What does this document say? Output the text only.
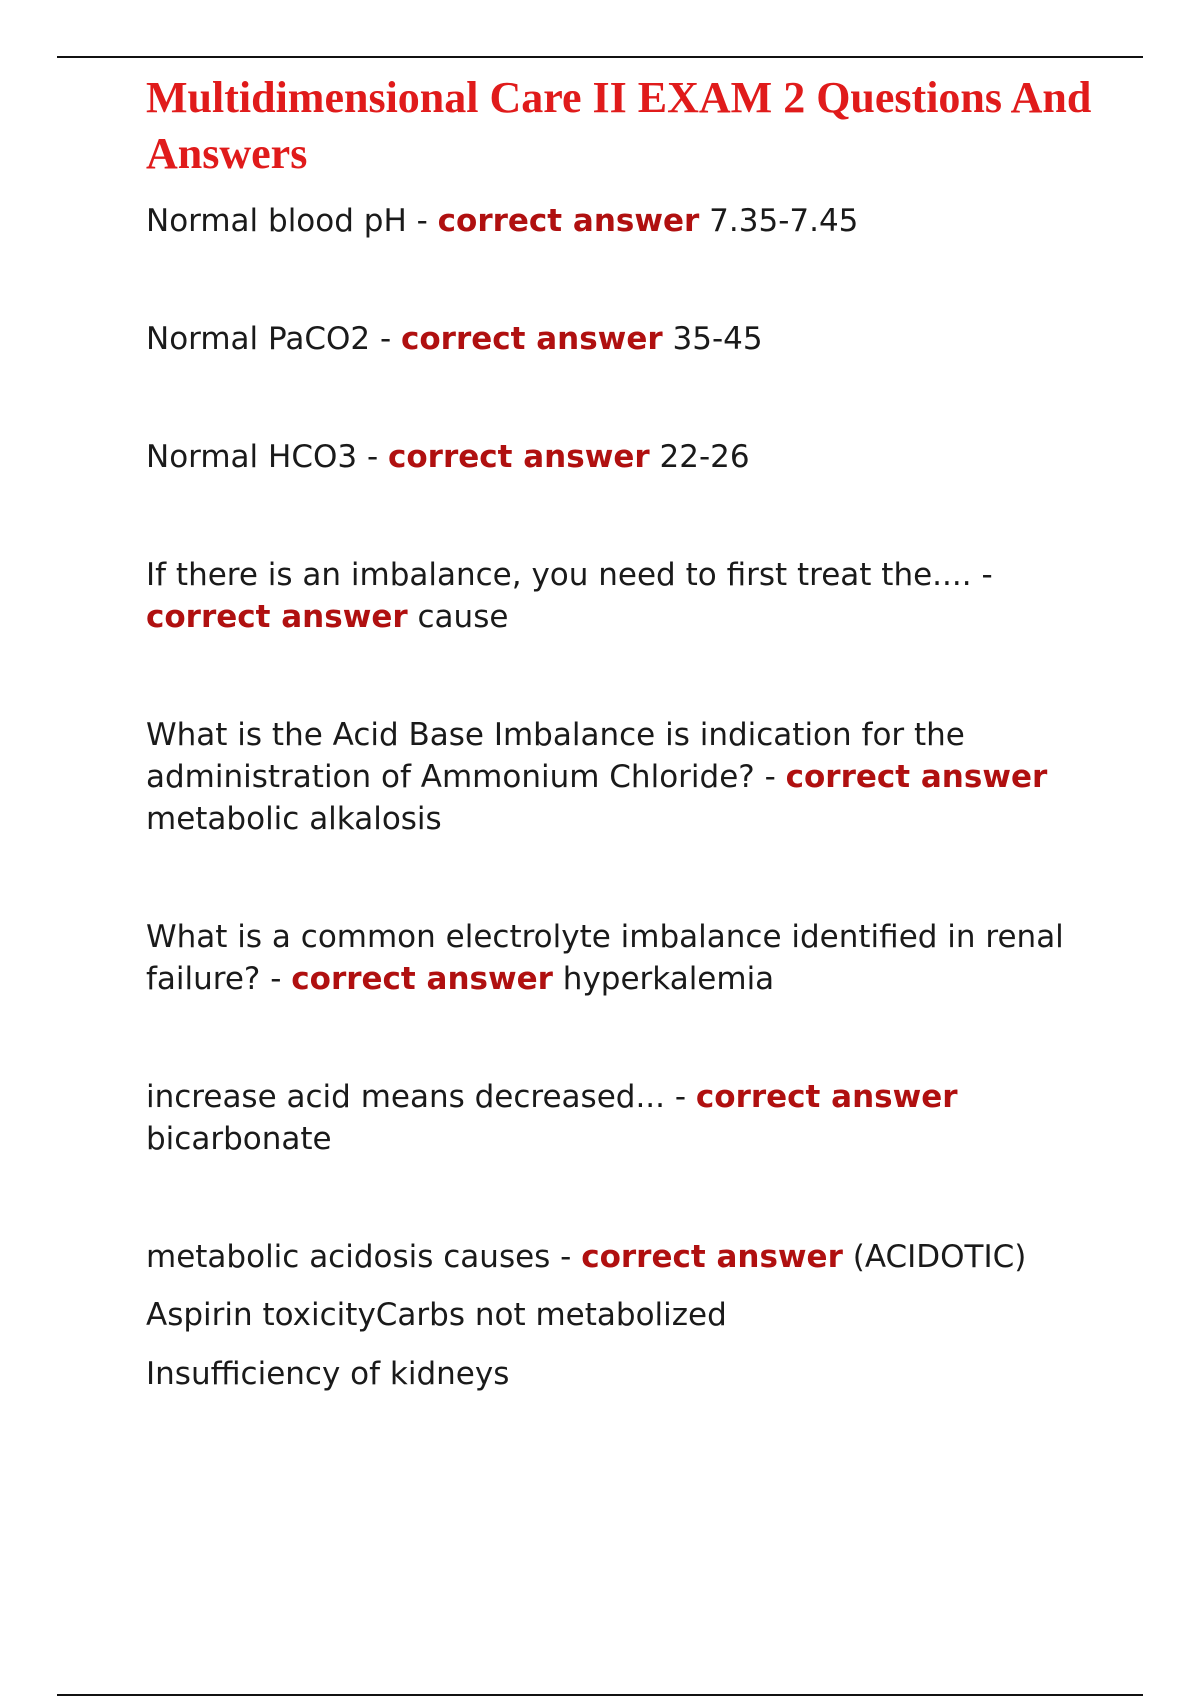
Multidimensional Care II EXAM 2 Questions And Answers

Normal blood pH - correct answer 7.35-7.45

Normal PaCO2 - correct answer 35-45

Normal HCO3 - correct answer 22-26

If there is an imbalance, you need to first treat the.... - correct answer cause

What is the Acid Base Imbalance is indication for the administration of Ammonium Chloride? - correct answer metabolic alkalosis

What is a common electrolyte imbalance identified in renal failure? - correct answer hyperkalemia

increase acid means decreased... - correct answer bicarbonate

metabolic acidosis causes - correct answer (ACIDOTIC)

Aspirin toxicityCarbs not metabolized

Insufficiency of kidneys
